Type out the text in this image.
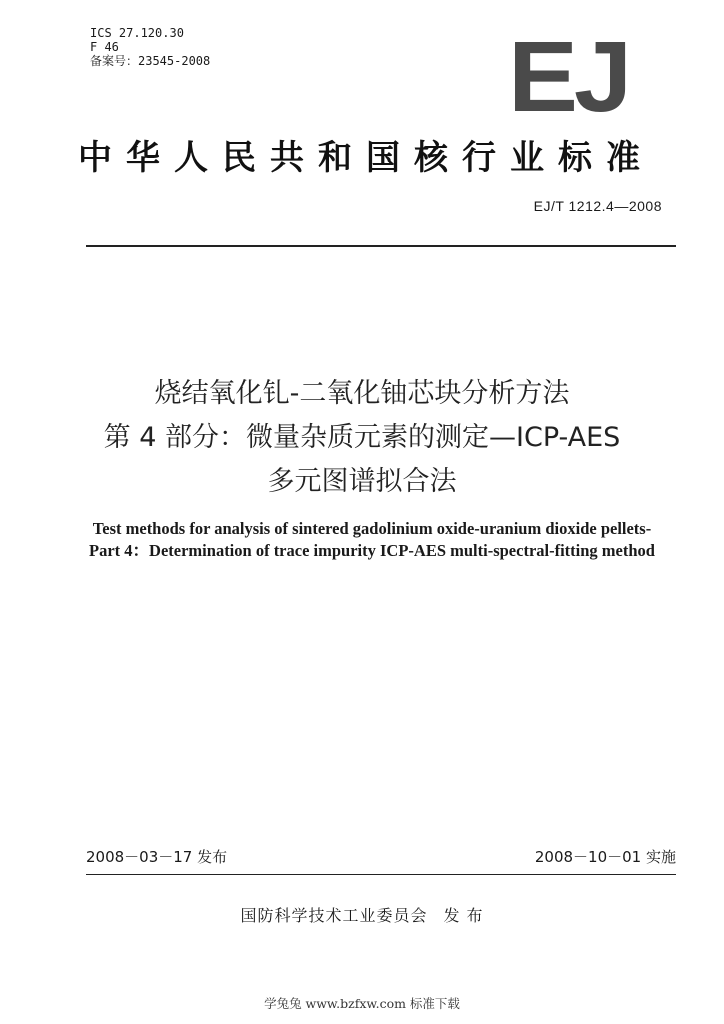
ICS 27.120.30
F 46
备案号：23545-2008	EJ
中华人民共和国核行业标准
EJ/T 1212.4—2008
烧结氧化钆-二氧化铀芯块分析方法
第 4 部分：微量杂质元素的测定—ICP-AES
多元图谱拟合法
Test methods for analysis of sintered gadolinium oxide-uranium dioxide pellets-
Part 4：Determination of trace impurity ICP-AES multi-spectral-fitting method
2008－03－17 发布	2008－10－01 实施
国防科学技术工业委员会 发 布
学兔兔 www.bzfxw.com 标准下载
